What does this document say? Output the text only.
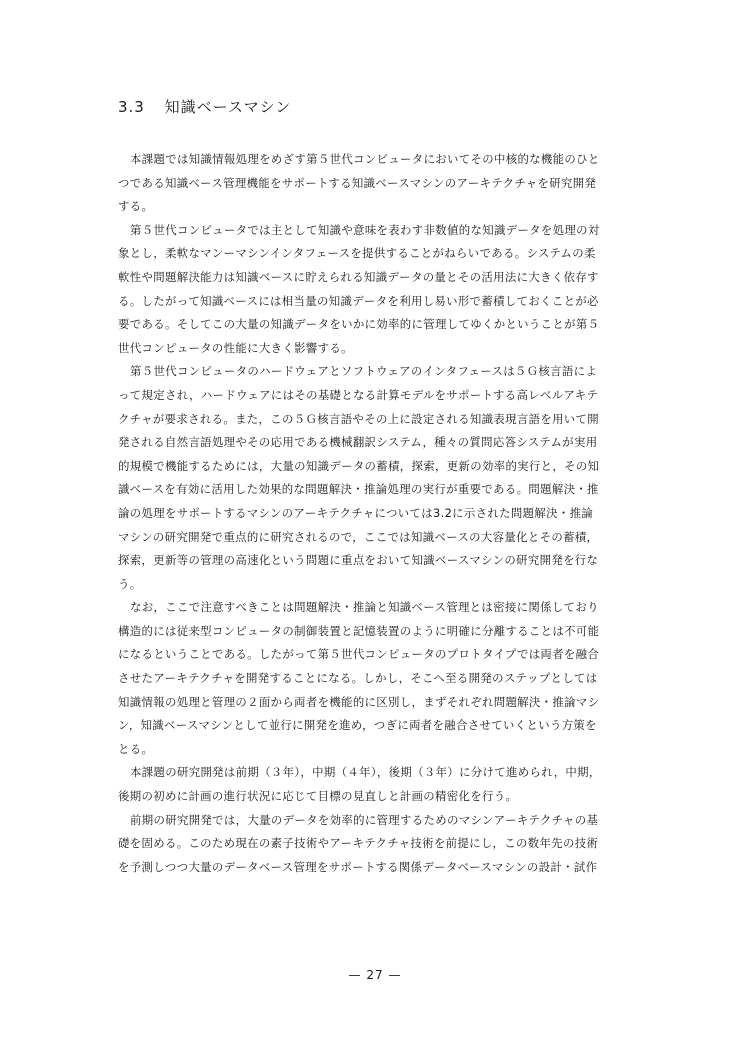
3.3 知識ベースマシン

本課題では知識情報処理をめざす第５世代コンピュータにおいてその中核的な機能のひと
つである知識ベース管理機能をサポートする知識ベースマシンのアーキテクチャを研究開発
する。

第５世代コンピュータでは主として知識や意味を表わす非数値的な知識データを処理の対
象とし，柔軟なマンーマシンインタフェースを提供することがねらいである。システムの柔
軟性や問題解決能力は知識ベースに貯えられる知識データの量とその活用法に大きく依存す
る。したがって知識ベースには相当量の知識データを利用し易い形で蓄積しておくことが必
要である。そしてこの大量の知識データをいかに効率的に管理してゆくかということが第５
世代コンピュータの性能に大きく影響する。

第５世代コンピュータのハードウェアとソフトウェアのインタフェースは５Ｇ核言語によ
って規定され，ハードウェアにはその基礎となる計算モデルをサポートする高レベルアキテ
クチャが要求される。また，この５Ｇ核言語やその上に設定される知識表現言語を用いて開
発される自然言語処理やその応用である機械翻訳システム，種々の質問応答システムが実用
的規模で機能するためには，大量の知識データの蓄積，探索，更新の効率的実行と，その知
識ベースを有効に活用した効果的な問題解決・推論処理の実行が重要である。問題解決・推
論の処理をサポートするマシンのアーキテクチャについては3.2に示された問題解決・推論
マシンの研究開発で重点的に研究されるので，ここでは知識ベースの大容量化とその蓄積，
探索，更新等の管理の高速化という問題に重点をおいて知識ベースマシンの研究開発を行な
う。

なお，ここで注意すべきことは問題解決・推論と知識ベース管理とは密接に関係しており
構造的には従来型コンピュータの制御装置と記憶装置のように明確に分離することは不可能
になるということである。したがって第５世代コンピュータのプロトタイプでは両者を融合
させたアーキテクチャを開発することになる。しかし，そこへ至る開発のステップとしては
知識情報の処理と管理の２面から両者を機能的に区別し，まずそれぞれ問題解決・推論マシ
ン，知識ベースマシンとして並行に開発を進め，つぎに両者を融合させていくという方策を
とる。

本課題の研究開発は前期（３年），中期（４年），後期（３年）に分けて進められ，中期，
後期の初めに計画の進行状況に応じて目標の見直しと計画の精密化を行う。

前期の研究開発では，大量のデータを効率的に管理するためのマシンアーキテクチャの基
礎を固める。このため現在の素子技術やアーキテクチャ技術を前提にし，この数年先の技術
を予測しつつ大量のデータベース管理をサポートする関係データベースマシンの設計・試作

— 27 —
